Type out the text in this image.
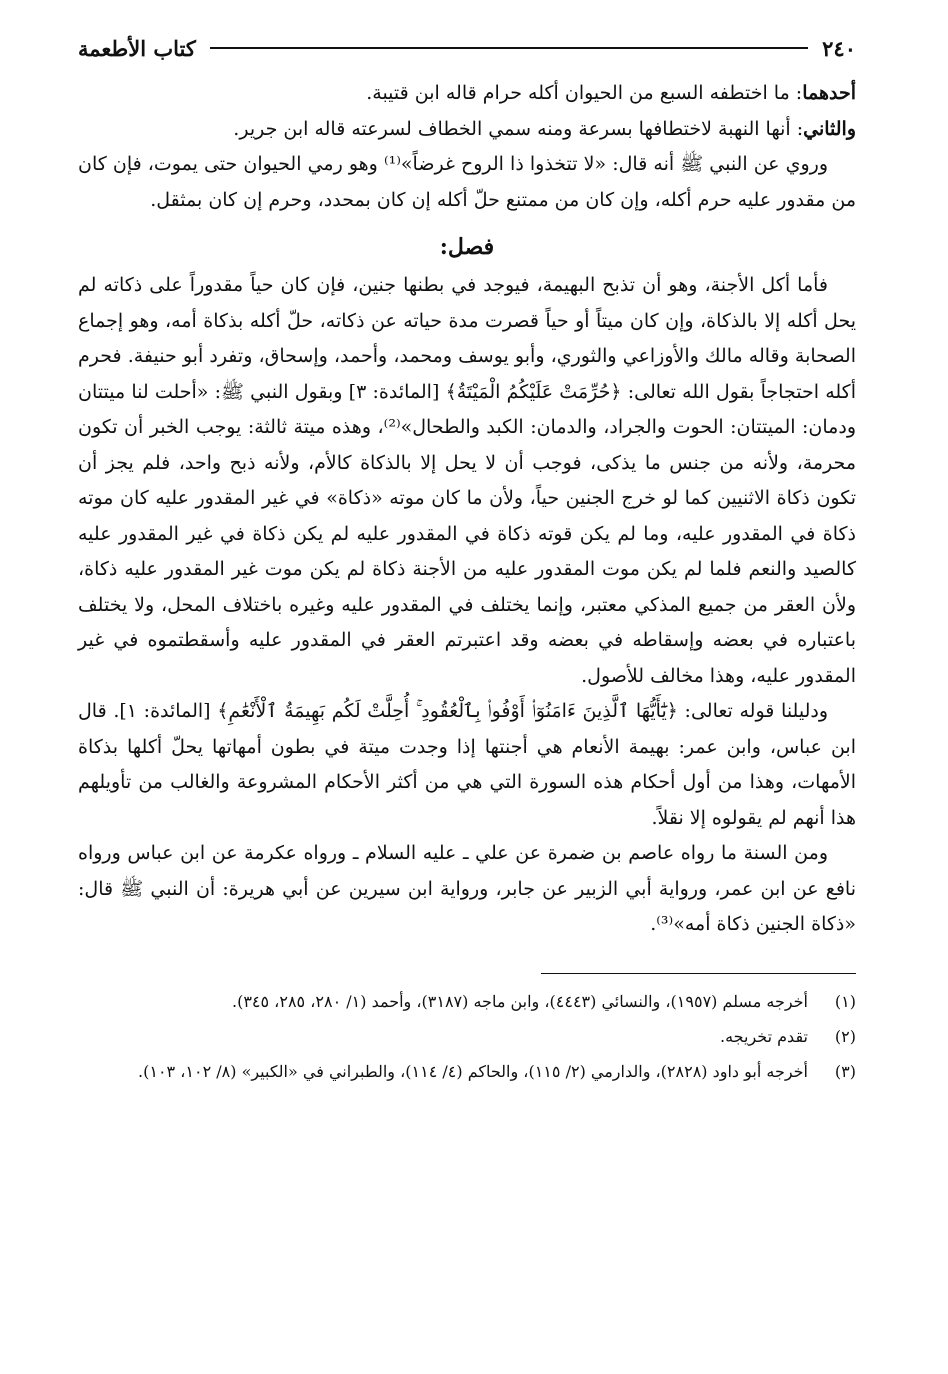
كتاب الأطعمة	٢٤٠

أحدهما: ما اختطفه السبع من الحيوان أكله حرام قاله ابن قتيبة.

والثاني: أنها النهبة لاختطافها بسرعة ومنه سمي الخطاف لسرعته قاله ابن جرير.

وروي عن النبي ﷺ أنه قال: «لا تتخذوا ذا الروح غرضاً»⁽¹⁾ وهو رمي الحيوان حتى يموت، فإن كان من مقدور عليه حرم أكله، وإن كان من ممتنع حلّ أكله إن كان بمحدد، وحرم إن كان بمثقل.

فصل:

فأما أكل الأجنة، وهو أن تذبح البهيمة، فيوجد في بطنها جنين، فإن كان حياً مقدوراً على ذكاته لم يحل أكله إلا بالذكاة، وإن كان ميتاً أو حياً قصرت مدة حياته عن ذكاته، حلّ أكله بذكاة أمه، وهو إجماع الصحابة وقاله مالك والأوزاعي والثوري، وأبو يوسف ومحمد، وأحمد، وإسحاق، وتفرد أبو حنيفة. فحرم أكله احتجاجاً بقول الله تعالى: ﴿حُرِّمَتْ عَلَيْكُمُ الْمَيْتَةُ﴾ [المائدة: ٣] وبقول النبي ﷺ: «أحلت لنا ميتتان ودمان: الميتتان: الحوت والجراد، والدمان: الكبد والطحال»⁽²⁾، وهذه ميتة ثالثة: يوجب الخبر أن تكون محرمة، ولأنه من جنس ما يذكى، فوجب أن لا يحل إلا بالذكاة كالأم، ولأنه ذبح واحد، فلم يجز أن تكون ذكاة الاثنيين كما لو خرج الجنين حياً، ولأن ما كان موته «ذكاة» في غير المقدور عليه كان موته ذكاة في المقدور عليه، وما لم يكن قوته ذكاة في المقدور عليه لم يكن ذكاة في غير المقدور عليه كالصيد والنعم فلما لم يكن موت المقدور عليه من الأجنة ذكاة لم يكن موت غير المقدور عليه ذكاة، ولأن العقر من جميع المذكي معتبر، وإنما يختلف في المقدور عليه وغيره باختلاف المحل، ولا يختلف باعتباره في بعضه وإسقاطه في بعضه وقد اعتبرتم العقر في المقدور عليه وأسقطتموه في غير المقدور عليه، وهذا مخالف للأصول.

ودليلنا قوله تعالى: ﴿يَٰٓأَيُّهَا ٱلَّذِينَ ءَامَنُوٓا۟ أَوْفُوا۟ بِٱلْعُقُودِ ۚ أُحِلَّتْ لَكُم بَهِيمَةُ ٱلْأَنْعَٰمِ﴾ [المائدة: ١]. قال ابن عباس، وابن عمر: بهيمة الأنعام هي أجنتها إذا وجدت ميتة في بطون أمهاتها يحلّ أكلها بذكاة الأمهات، وهذا من أول أحكام هذه السورة التي هي من أكثر الأحكام المشروعة والغالب من تأويلهم هذا أنهم لم يقولوه إلا نقلاً.

ومن السنة ما رواه عاصم بن ضمرة عن علي ـ عليه السلام ـ ورواه عكرمة عن ابن عباس ورواه نافع عن ابن عمر، ورواية أبي الزبير عن جابر، ورواية ابن سيرين عن أبي هريرة: أن النبي ﷺ قال: «ذكاة الجنين ذكاة أمه»⁽³⁾.

(١)
أخرجه مسلم (١٩٥٧)، والنسائي (٤٤٤٣)، وابن ماجه (٣١٨٧)، وأحمد (١/ ٢٨٠، ٢٨٥، ٣٤٥).
(٢)
تقدم تخريجه.
(٣)
أخرجه أبو داود (٢٨٢٨)، والدارمي (٢/ ١١٥)، والحاكم (٤/ ١١٤)، والطبراني في «الكبير» (٨/ ١٠٢، ١٠٣).
